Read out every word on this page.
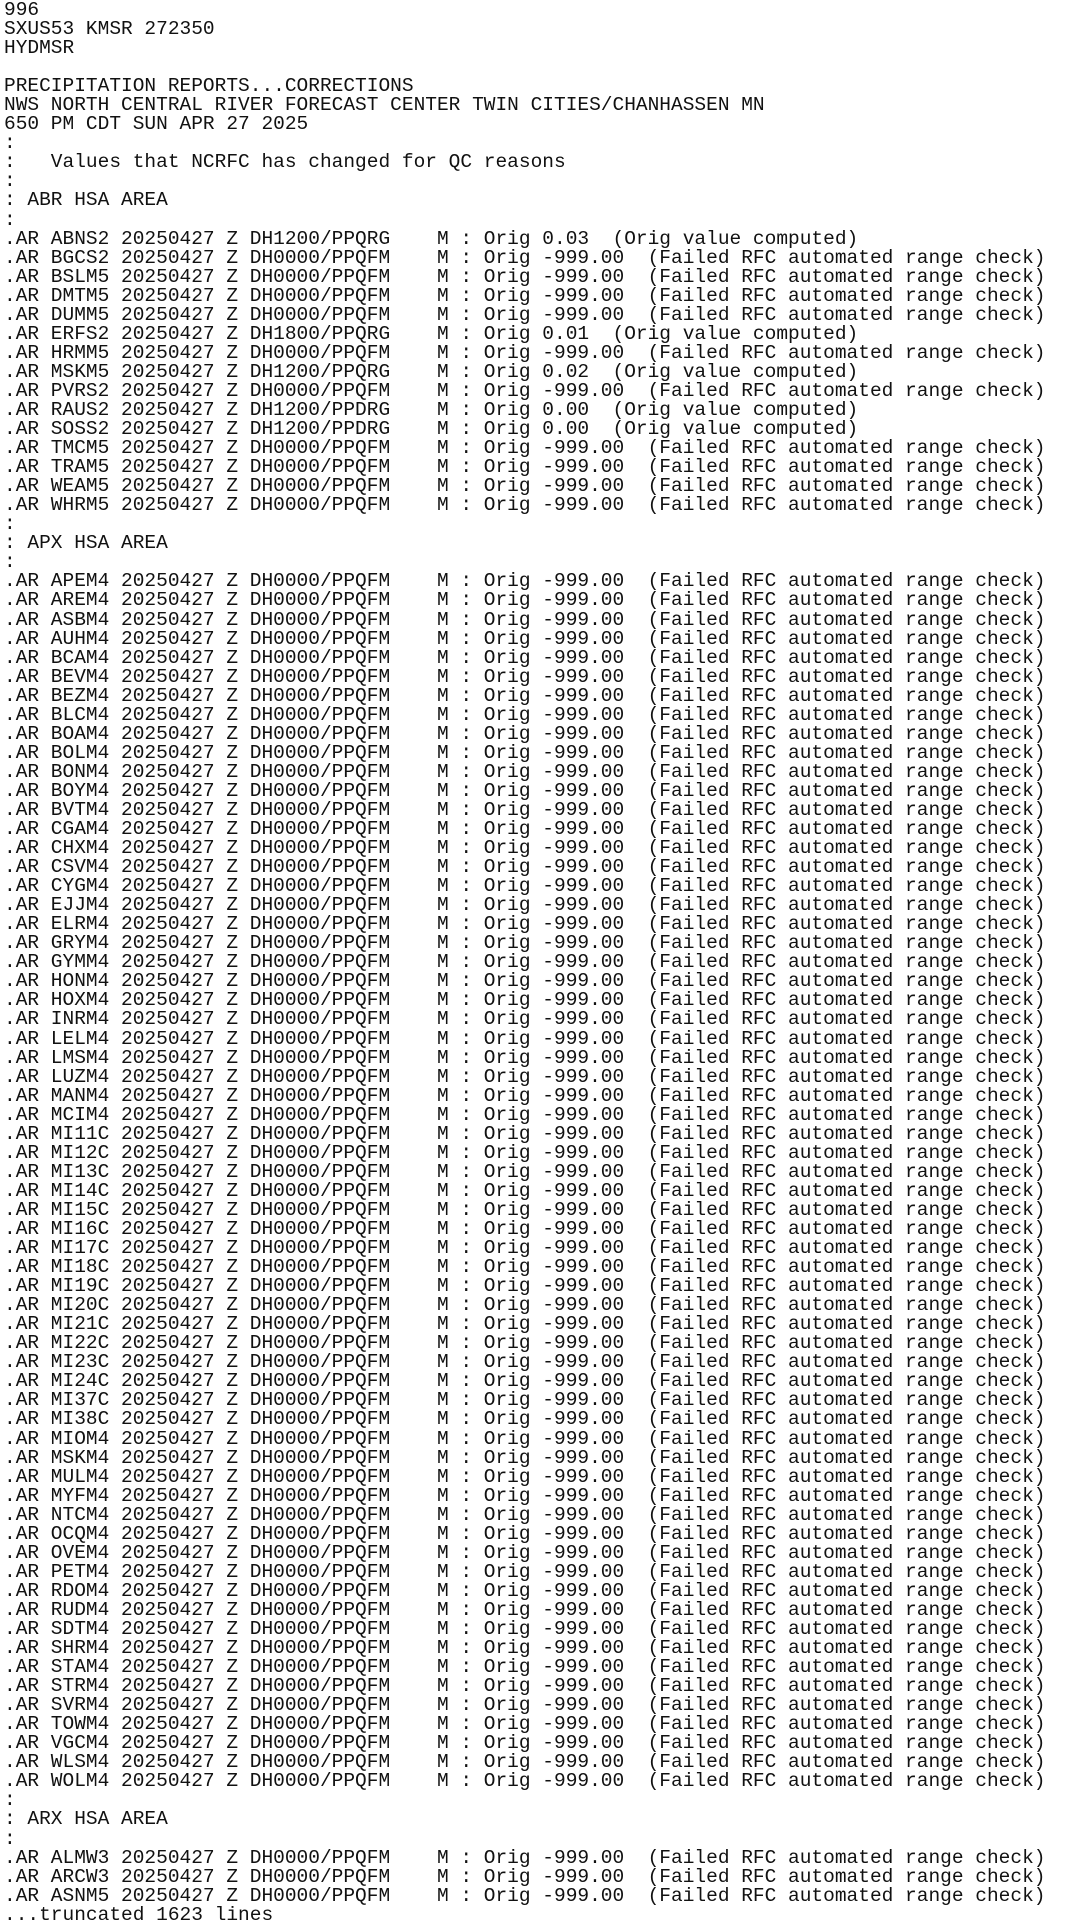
996
SXUS53 KMSR 272350
HYDMSR
PRECIPITATION REPORTS...CORRECTIONS
NWS NORTH CENTRAL RIVER FORECAST CENTER TWIN CITIES/CHANHASSEN MN
650 PM CDT SUN APR 27 2025
:
:   Values that NCRFC has changed for QC reasons
:
: ABR HSA AREA
:
.AR ABNS2 20250427 Z DH1200/PPQRG    M : Orig 0.03  (Orig value computed)
.AR BGCS2 20250427 Z DH0000/PPQFM    M : Orig -999.00  (Failed RFC automated range check)
.AR BSLM5 20250427 Z DH0000/PPQFM    M : Orig -999.00  (Failed RFC automated range check)
.AR DMTM5 20250427 Z DH0000/PPQFM    M : Orig -999.00  (Failed RFC automated range check)
.AR DUMM5 20250427 Z DH0000/PPQFM    M : Orig -999.00  (Failed RFC automated range check)
.AR ERFS2 20250427 Z DH1800/PPQRG    M : Orig 0.01  (Orig value computed)
.AR HRMM5 20250427 Z DH0000/PPQFM    M : Orig -999.00  (Failed RFC automated range check)
.AR MSKM5 20250427 Z DH1200/PPQRG    M : Orig 0.02  (Orig value computed)
.AR PVRS2 20250427 Z DH0000/PPQFM    M : Orig -999.00  (Failed RFC automated range check)
.AR RAUS2 20250427 Z DH1200/PPDRG    M : Orig 0.00  (Orig value computed)
.AR SOSS2 20250427 Z DH1200/PPDRG    M : Orig 0.00  (Orig value computed)
.AR TMCM5 20250427 Z DH0000/PPQFM    M : Orig -999.00  (Failed RFC automated range check)
.AR TRAM5 20250427 Z DH0000/PPQFM    M : Orig -999.00  (Failed RFC automated range check)
.AR WEAM5 20250427 Z DH0000/PPQFM    M : Orig -999.00  (Failed RFC automated range check)
.AR WHRM5 20250427 Z DH0000/PPQFM    M : Orig -999.00  (Failed RFC automated range check)
:
: APX HSA AREA
:
.AR APEM4 20250427 Z DH0000/PPQFM    M : Orig -999.00  (Failed RFC automated range check)
.AR AREM4 20250427 Z DH0000/PPQFM    M : Orig -999.00  (Failed RFC automated range check)
.AR ASBM4 20250427 Z DH0000/PPQFM    M : Orig -999.00  (Failed RFC automated range check)
.AR AUHM4 20250427 Z DH0000/PPQFM    M : Orig -999.00  (Failed RFC automated range check)
.AR BCAM4 20250427 Z DH0000/PPQFM    M : Orig -999.00  (Failed RFC automated range check)
.AR BEVM4 20250427 Z DH0000/PPQFM    M : Orig -999.00  (Failed RFC automated range check)
.AR BEZM4 20250427 Z DH0000/PPQFM    M : Orig -999.00  (Failed RFC automated range check)
.AR BLCM4 20250427 Z DH0000/PPQFM    M : Orig -999.00  (Failed RFC automated range check)
.AR BOAM4 20250427 Z DH0000/PPQFM    M : Orig -999.00  (Failed RFC automated range check)
.AR BOLM4 20250427 Z DH0000/PPQFM    M : Orig -999.00  (Failed RFC automated range check)
.AR BONM4 20250427 Z DH0000/PPQFM    M : Orig -999.00  (Failed RFC automated range check)
.AR BOYM4 20250427 Z DH0000/PPQFM    M : Orig -999.00  (Failed RFC automated range check)
.AR BVTM4 20250427 Z DH0000/PPQFM    M : Orig -999.00  (Failed RFC automated range check)
.AR CGAM4 20250427 Z DH0000/PPQFM    M : Orig -999.00  (Failed RFC automated range check)
.AR CHXM4 20250427 Z DH0000/PPQFM    M : Orig -999.00  (Failed RFC automated range check)
.AR CSVM4 20250427 Z DH0000/PPQFM    M : Orig -999.00  (Failed RFC automated range check)
.AR CYGM4 20250427 Z DH0000/PPQFM    M : Orig -999.00  (Failed RFC automated range check)
.AR EJJM4 20250427 Z DH0000/PPQFM    M : Orig -999.00  (Failed RFC automated range check)
.AR ELRM4 20250427 Z DH0000/PPQFM    M : Orig -999.00  (Failed RFC automated range check)
.AR GRYM4 20250427 Z DH0000/PPQFM    M : Orig -999.00  (Failed RFC automated range check)
.AR GYMM4 20250427 Z DH0000/PPQFM    M : Orig -999.00  (Failed RFC automated range check)
.AR HONM4 20250427 Z DH0000/PPQFM    M : Orig -999.00  (Failed RFC automated range check)
.AR HOXM4 20250427 Z DH0000/PPQFM    M : Orig -999.00  (Failed RFC automated range check)
.AR INRM4 20250427 Z DH0000/PPQFM    M : Orig -999.00  (Failed RFC automated range check)
.AR LELM4 20250427 Z DH0000/PPQFM    M : Orig -999.00  (Failed RFC automated range check)
.AR LMSM4 20250427 Z DH0000/PPQFM    M : Orig -999.00  (Failed RFC automated range check)
.AR LUZM4 20250427 Z DH0000/PPQFM    M : Orig -999.00  (Failed RFC automated range check)
.AR MANM4 20250427 Z DH0000/PPQFM    M : Orig -999.00  (Failed RFC automated range check)
.AR MCIM4 20250427 Z DH0000/PPQFM    M : Orig -999.00  (Failed RFC automated range check)
.AR MI11C 20250427 Z DH0000/PPQFM    M : Orig -999.00  (Failed RFC automated range check)
.AR MI12C 20250427 Z DH0000/PPQFM    M : Orig -999.00  (Failed RFC automated range check)
.AR MI13C 20250427 Z DH0000/PPQFM    M : Orig -999.00  (Failed RFC automated range check)
.AR MI14C 20250427 Z DH0000/PPQFM    M : Orig -999.00  (Failed RFC automated range check)
.AR MI15C 20250427 Z DH0000/PPQFM    M : Orig -999.00  (Failed RFC automated range check)
.AR MI16C 20250427 Z DH0000/PPQFM    M : Orig -999.00  (Failed RFC automated range check)
.AR MI17C 20250427 Z DH0000/PPQFM    M : Orig -999.00  (Failed RFC automated range check)
.AR MI18C 20250427 Z DH0000/PPQFM    M : Orig -999.00  (Failed RFC automated range check)
.AR MI19C 20250427 Z DH0000/PPQFM    M : Orig -999.00  (Failed RFC automated range check)
.AR MI20C 20250427 Z DH0000/PPQFM    M : Orig -999.00  (Failed RFC automated range check)
.AR MI21C 20250427 Z DH0000/PPQFM    M : Orig -999.00  (Failed RFC automated range check)
.AR MI22C 20250427 Z DH0000/PPQFM    M : Orig -999.00  (Failed RFC automated range check)
.AR MI23C 20250427 Z DH0000/PPQFM    M : Orig -999.00  (Failed RFC automated range check)
.AR MI24C 20250427 Z DH0000/PPQFM    M : Orig -999.00  (Failed RFC automated range check)
.AR MI37C 20250427 Z DH0000/PPQFM    M : Orig -999.00  (Failed RFC automated range check)
.AR MI38C 20250427 Z DH0000/PPQFM    M : Orig -999.00  (Failed RFC automated range check)
.AR MIOM4 20250427 Z DH0000/PPQFM    M : Orig -999.00  (Failed RFC automated range check)
.AR MSKM4 20250427 Z DH0000/PPQFM    M : Orig -999.00  (Failed RFC automated range check)
.AR MULM4 20250427 Z DH0000/PPQFM    M : Orig -999.00  (Failed RFC automated range check)
.AR MYFM4 20250427 Z DH0000/PPQFM    M : Orig -999.00  (Failed RFC automated range check)
.AR NTCM4 20250427 Z DH0000/PPQFM    M : Orig -999.00  (Failed RFC automated range check)
.AR OCQM4 20250427 Z DH0000/PPQFM    M : Orig -999.00  (Failed RFC automated range check)
.AR OVEM4 20250427 Z DH0000/PPQFM    M : Orig -999.00  (Failed RFC automated range check)
.AR PETM4 20250427 Z DH0000/PPQFM    M : Orig -999.00  (Failed RFC automated range check)
.AR RDOM4 20250427 Z DH0000/PPQFM    M : Orig -999.00  (Failed RFC automated range check)
.AR RUDM4 20250427 Z DH0000/PPQFM    M : Orig -999.00  (Failed RFC automated range check)
.AR SDTM4 20250427 Z DH0000/PPQFM    M : Orig -999.00  (Failed RFC automated range check)
.AR SHRM4 20250427 Z DH0000/PPQFM    M : Orig -999.00  (Failed RFC automated range check)
.AR STAM4 20250427 Z DH0000/PPQFM    M : Orig -999.00  (Failed RFC automated range check)
.AR STRM4 20250427 Z DH0000/PPQFM    M : Orig -999.00  (Failed RFC automated range check)
.AR SVRM4 20250427 Z DH0000/PPQFM    M : Orig -999.00  (Failed RFC automated range check)
.AR TOWM4 20250427 Z DH0000/PPQFM    M : Orig -999.00  (Failed RFC automated range check)
.AR VGCM4 20250427 Z DH0000/PPQFM    M : Orig -999.00  (Failed RFC automated range check)
.AR WLSM4 20250427 Z DH0000/PPQFM    M : Orig -999.00  (Failed RFC automated range check)
.AR WOLM4 20250427 Z DH0000/PPQFM    M : Orig -999.00  (Failed RFC automated range check)
:
: ARX HSA AREA
:
.AR ALMW3 20250427 Z DH0000/PPQFM    M : Orig -999.00  (Failed RFC automated range check)
.AR ARCW3 20250427 Z DH0000/PPQFM    M : Orig -999.00  (Failed RFC automated range check)
.AR ASNM5 20250427 Z DH0000/PPQFM    M : Orig -999.00  (Failed RFC automated range check)
...truncated 1623 lines
